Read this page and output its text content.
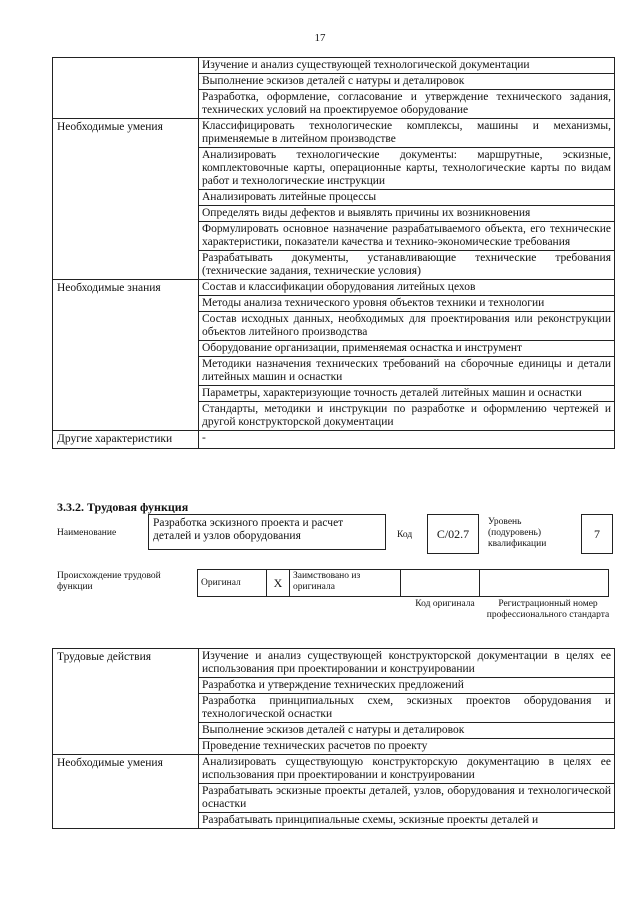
17
	Изучение и анализ существующей технологической документации
	Выполнение эскизов деталей с натуры и деталировок
	Разработка, оформление, согласование и утверждение технического задания, технических условий на проектируемое оборудование
Необходимые умения	Классифицировать технологические комплексы, машины и механизмы, применяемые в литейном производстве
	Анализировать технологические документы: маршрутные, эскизные, комплектовочные карты, операционные карты, технологические карты по видам работ и технологические инструкции
	Анализировать литейные процессы
	Определять виды дефектов и выявлять причины их возникновения
	Формулировать основное назначение разрабатываемого объекта, его технические характеристики, показатели качества и технико-экономические требования
	Разрабатывать документы, устанавливающие технические требования (технические задания, технические условия)
Необходимые знания	Состав и классификации оборудования литейных цехов
	Методы анализа технического уровня объектов техники и технологии
	Состав исходных данных, необходимых для проектирования или реконструкции объектов литейного производства
	Оборудование организации, применяемая оснастка и инструмент
	Методики назначения технических требований на сборочные единицы и детали литейных машин и оснастки
	Параметры, характеризующие точность деталей литейных машин и оснастки
	Стандарты, методики и инструкции по разработке и оформлению чертежей и другой конструкторской документации
Другие характеристики	-
3.3.2. Трудовая функция
Наименование
Разработка эскизного проекта и расчет деталей и узлов оборудования	Код C/02.7
Уровень (подуровень) квалификации
7
Происхождение трудовой функции	Оригинал	X	Заимствовано из оригинала		
Код оригинала	Регистрационный номер профессионального стандарта
Трудовые действия	Изучение и анализ существующей конструкторской документации в целях ее использования при проектировании и конструировании
	Разработка и утверждение технических предложений
	Разработка принципиальных схем, эскизных проектов оборудования и технологической оснастки
	Выполнение эскизов деталей с натуры и деталировок
	Проведение технических расчетов по проекту
Необходимые умения	Анализировать существующую конструкторскую документацию в целях ее использования при проектировании и конструировании
	Разрабатывать эскизные проекты деталей, узлов, оборудования и технологической оснастки
	Разрабатывать принципиальные схемы, эскизные проекты деталей и
